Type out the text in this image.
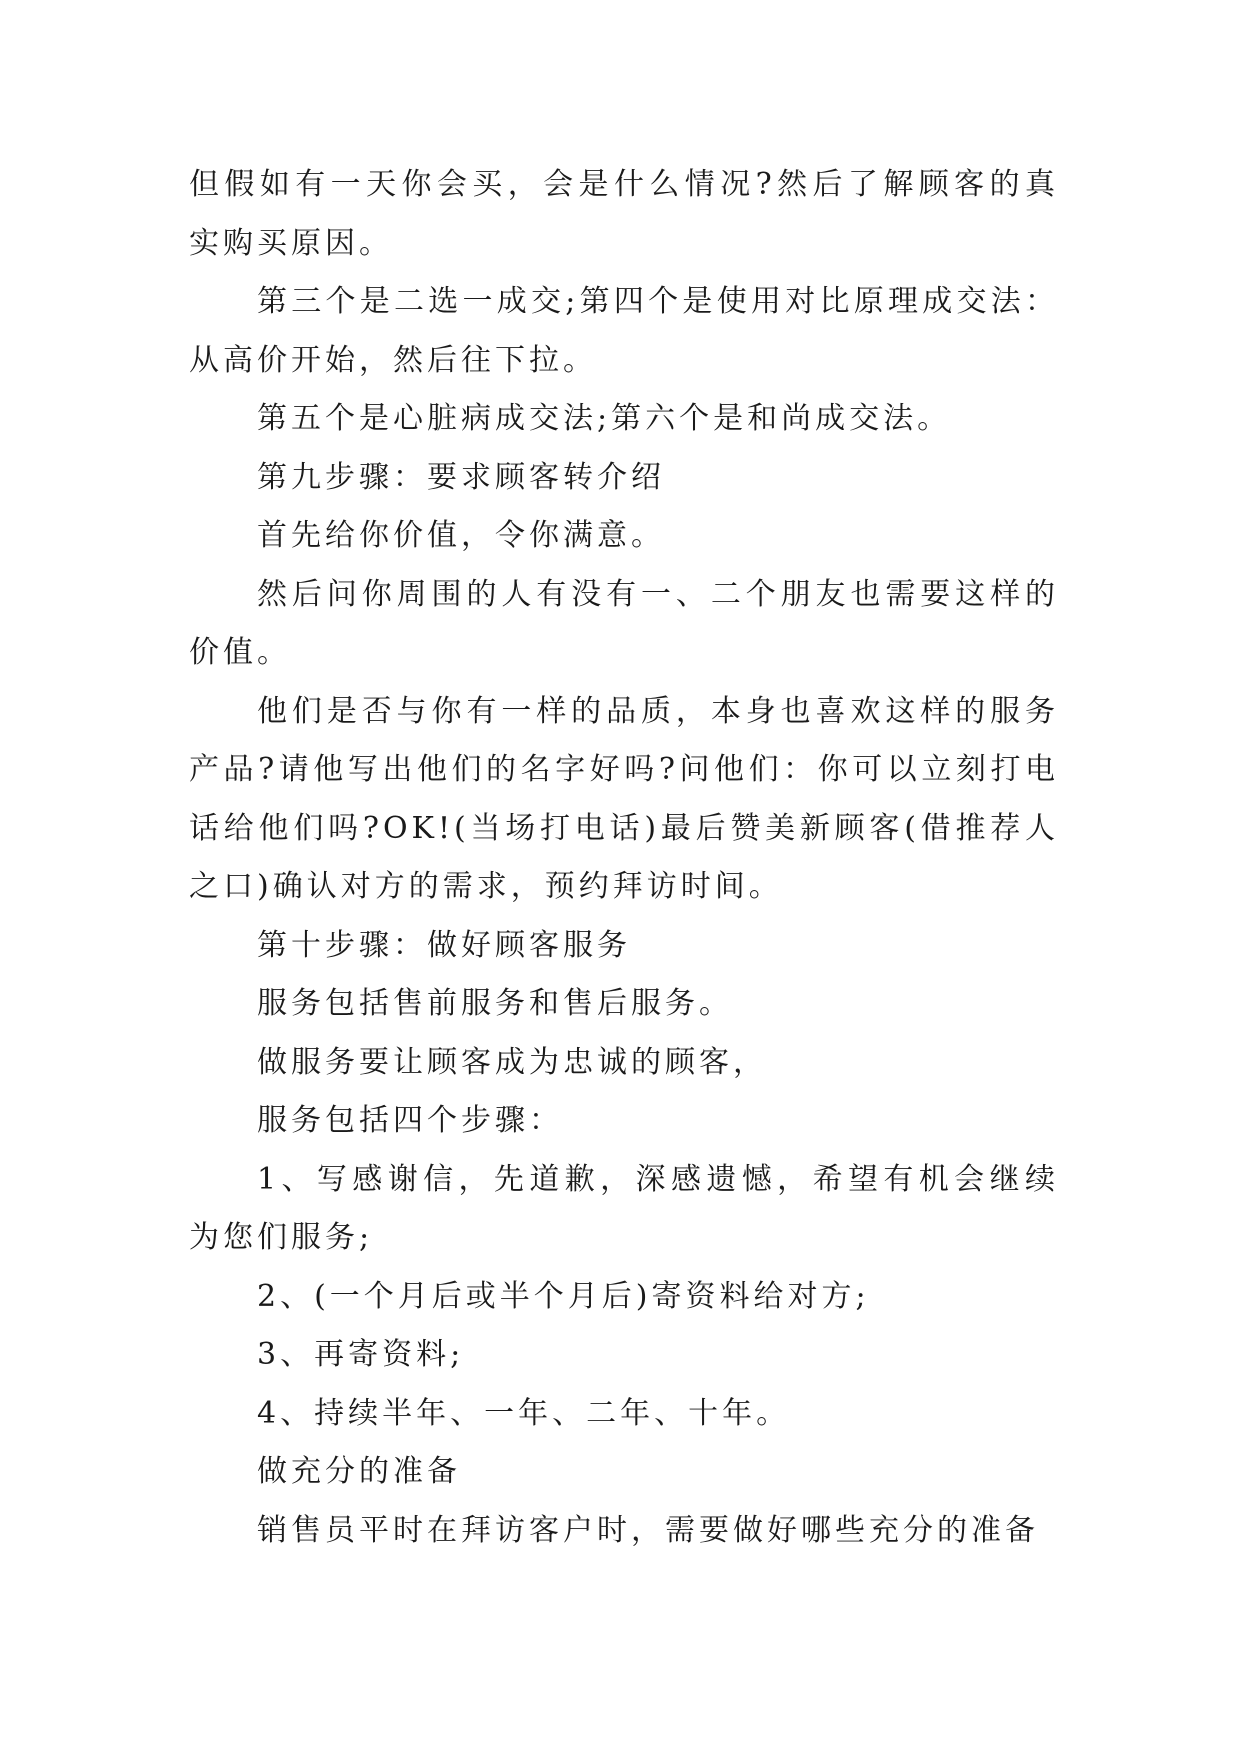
但假如有一天你会买，会是什么情况?然后了解顾客的真实购买原因。

第三个是二选一成交;第四个是使用对比原理成交法：从高价开始，然后往下拉。

第五个是心脏病成交法;第六个是和尚成交法。

第九步骤：要求顾客转介绍

首先给你价值，令你满意。

然后问你周围的人有没有一、二个朋友也需要这样的价值。

他们是否与你有一样的品质，本身也喜欢这样的服务产品?请他写出他们的名字好吗?问他们：你可以立刻打电话给他们吗?OK!(当场打电话)最后赞美新顾客(借推荐人之口)确认对方的需求，预约拜访时间。

第十步骤：做好顾客服务

服务包括售前服务和售后服务。

做服务要让顾客成为忠诚的顾客，

服务包括四个步骤：

1、写感谢信，先道歉，深感遗憾，希望有机会继续为您们服务;

2、(一个月后或半个月后)寄资料给对方;

3、再寄资料;

4、持续半年、一年、二年、十年。

做充分的准备

销售员平时在拜访客户时，需要做好哪些充分的准备
